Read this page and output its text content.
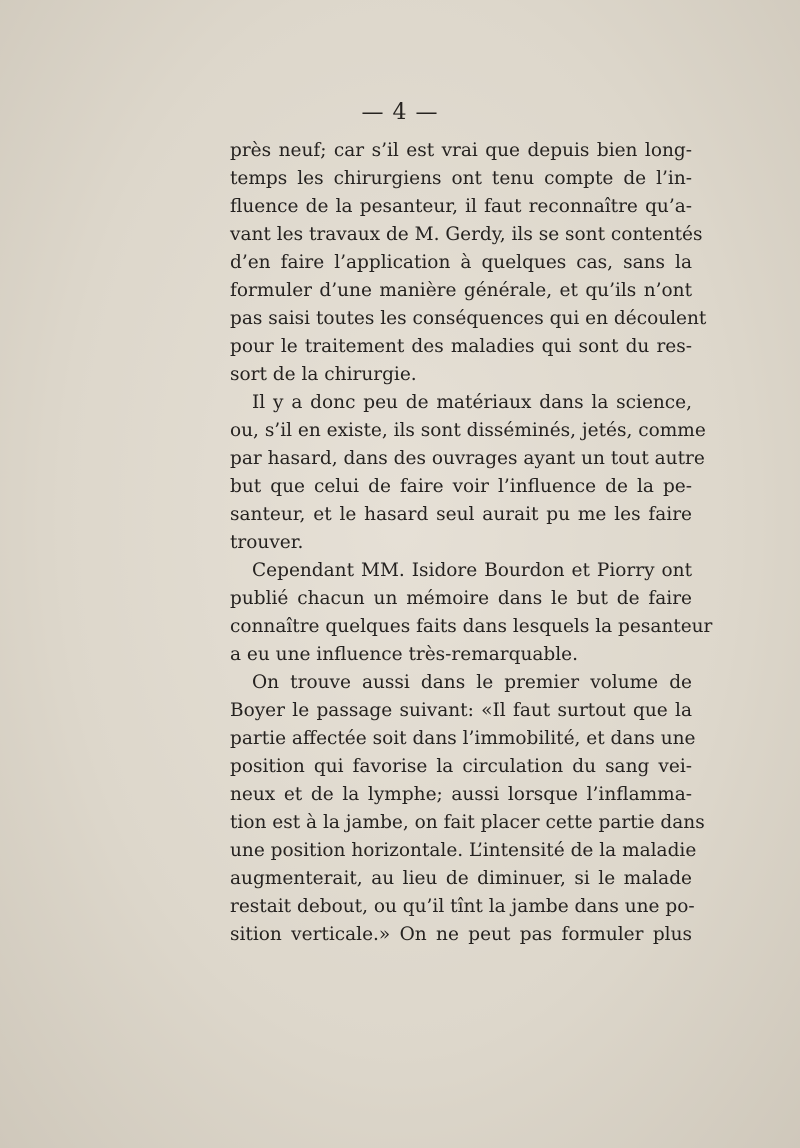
— 4 —
près neuf; car s’il est vrai que depuis bien long-
temps les chirurgiens ont tenu compte de l’in-
fluence de la pesanteur, il faut reconnaître qu’a-
vant les travaux de M. Gerdy, ils se sont contentés
d’en faire l’application à quelques cas, sans la
formuler d’une manière générale, et qu’ils n’ont
pas saisi toutes les conséquences qui en découlent
pour le traitement des maladies qui sont du res-
sort de la chirurgie.
Il y a donc peu de matériaux dans la science,
ou, s’il en existe, ils sont disséminés, jetés, comme
par hasard, dans des ouvrages ayant un tout autre
but que celui de faire voir l’influence de la pe-
santeur, et le hasard seul aurait pu me les faire
trouver.
Cependant MM. Isidore Bourdon et Piorry ont
publié chacun un mémoire dans le but de faire
connaître quelques faits dans lesquels la pesanteur
a eu une influence très-remarquable.
On trouve aussi dans le premier volume de
Boyer le passage suivant: «Il faut surtout que la
partie affectée soit dans l’immobilité, et dans une
position qui favorise la circulation du sang vei-
neux et de la lymphe; aussi lorsque l’inflamma-
tion est à la jambe, on fait placer cette partie dans
une position horizontale. L’intensité de la maladie
augmenterait, au lieu de diminuer, si le malade
restait debout, ou qu’il tînt la jambe dans une po-
sition verticale.» On ne peut pas formuler plus
